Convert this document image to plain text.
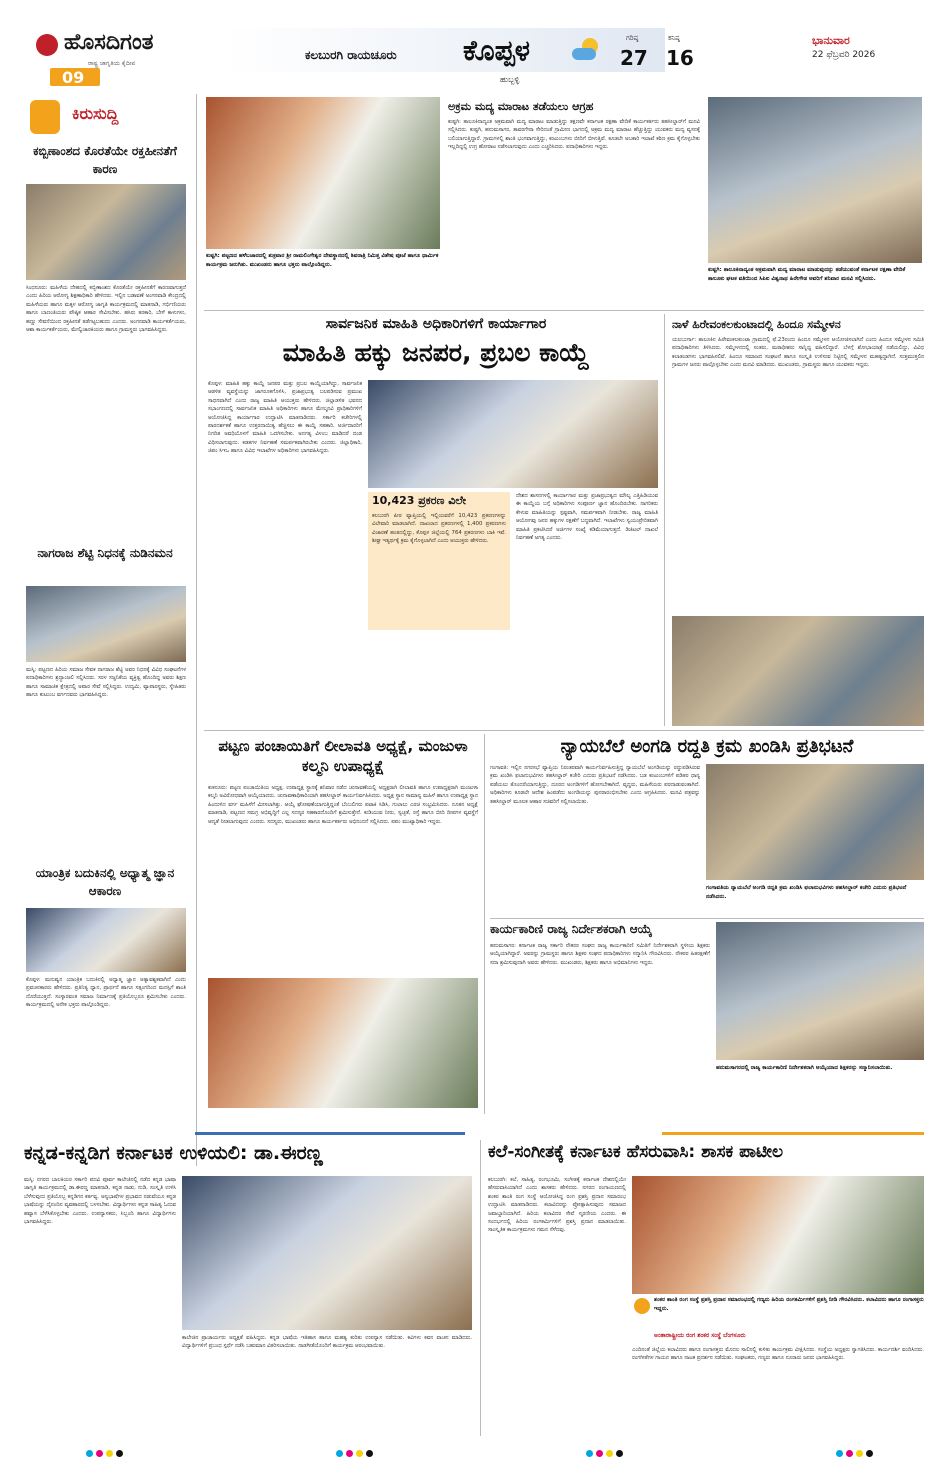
ಹೊಸದಿಗಂತ
ರಾಷ್ಟ್ರ ಜಾಗೃತಿಯ ಕೈದೀಪ
09
ಕಲಬುರಗಿ ರಾಯಚೂರು ಕೊಪ್ಪಳ	ಗರಿಷ್ಠ
27
ಕನಿಷ್ಠ
16
ಭಾನುವಾರ
22 ಫೆಬ್ರವರಿ 2026
ಹುಬ್ಬಳ್ಳಿ
ಕಿರುಸುದ್ದಿ
ಕಬ್ಬಿಣಾಂಶದ ಕೊರತೆಯೇ ರಕ್ತಹೀನತೆಗೆ ಕಾರಣ
ಸಿಂಧನೂರು: ಮಹಿಳೆಯ ದೇಹದಲ್ಲಿ ಕಬ್ಬಿಣಾಂಶದ ಕೊರತೆಯೇ ರಕ್ತಹೀನತೆಗೆ ಕಾರಣವಾಗುತ್ತದೆ ಎಂದು ಹಿರಿಯ ಆರೋಗ್ಯ ಶಿಕ್ಷಣಾಧಿಕಾರಿ ಹೇಳಿದರು. ಇಲ್ಲಿನ ಬಡಾವಣೆ ಅಂಗನವಾಡಿ ಕೇಂದ್ರದಲ್ಲಿ ಮಹಿಳೆಯರು ಹಾಗೂ ಮಕ್ಕಳ ಆರೋಗ್ಯ ಜಾಗೃತಿ ಕಾರ್ಯಕ್ರಮದಲ್ಲಿ ಮಾತನಾಡಿ, ಗರ್ಭಿಣಿಯರು ಹಾಗೂ ಬಾಣಂತಿಯರು ಪೌಷ್ಠಿಕ ಆಹಾರ ಸೇವಿಸಬೇಕು. ಹಸಿರು ತರಕಾರಿ, ಬೇಳೆ ಕಾಳುಗಳು, ಹಣ್ಣು ಸೇವನೆಯಿಂದ ರಕ್ತಹೀನತೆ ತಡೆಗಟ್ಟಬಹುದು ಎಂದರು. ಅಂಗನವಾಡಿ ಕಾರ್ಯಕರ್ತೆಯರು, ಆಶಾ ಕಾರ್ಯಕರ್ತೆಯರು, ಮೇಲ್ವಿಚಾರಕಿಯರು ಹಾಗೂ ಗ್ರಾಮಸ್ಥರು ಭಾಗವಹಿಸಿದ್ದರು.
ನಾಗರಾಜ ಶೆಟ್ಟಿ ನಿಧನಕ್ಕೆ ನುಡಿನಮನ
ಮಸ್ಕಿ: ಪಟ್ಟಣದ ಹಿರಿಯ ಸಮಾಜ ಸೇವಕ ನಾಗರಾಜ ಶೆಟ್ಟಿ ಅವರ ನಿಧನಕ್ಕೆ ವಿವಿಧ ಸಂಘಟನೆಗಳ ಪದಾಧಿಕಾರಿಗಳು ಶ್ರದ್ಧಾಂಜಲಿ ಸಲ್ಲಿಸಿದರು. ಸರಳ ಸಜ್ಜನಿಕೆಯ ವ್ಯಕ್ತಿತ್ವ ಹೊಂದಿದ್ದ ಅವರು ಶಿಕ್ಷಣ ಹಾಗೂ ಸಾಮಾಜಿಕ ಕ್ಷೇತ್ರದಲ್ಲಿ ಅಪಾರ ಸೇವೆ ಸಲ್ಲಿಸಿದ್ದರು. ಉದ್ಯಮಿ, ವ್ಯಾಪಾರಸ್ಥರು, ಸ್ನೇಹಿತರು ಹಾಗೂ ಕುಟುಂಬ ವರ್ಗದವರು ಭಾಗವಹಿಸಿದ್ದರು.
ಯಾಂತ್ರಿಕ ಬದುಕಿನಲ್ಲಿ ಅಧ್ಯಾತ್ಮ ಜ್ಞಾನ ಆಕಾರಣ
ಕೊಪ್ಪಳ: ಮನುಷ್ಯನ ಯಾಂತ್ರಿಕ ಬದುಕಿನಲ್ಲಿ ಅಧ್ಯಾತ್ಮ ಜ್ಞಾನ ಅತ್ಯಾವಶ್ಯಕವಾಗಿದೆ ಎಂದು ಪ್ರವಚನಕಾರರು ಹೇಳಿದರು. ಪ್ರತಿನಿತ್ಯ ಧ್ಯಾನ, ಪ್ರಾರ್ಥನೆ ಹಾಗೂ ಸತ್ಸಂಗದಿಂದ ಮನಸ್ಸಿಗೆ ಶಾಂತಿ ದೊರೆಯುತ್ತದೆ. ಸಂಸ್ಕಾರವಂತ ಸಮಾಜ ನಿರ್ಮಾಣಕ್ಕೆ ಪ್ರತಿಯೊಬ್ಬರೂ ಶ್ರಮಿಸಬೇಕು ಎಂದರು. ಕಾರ್ಯಕ್ರಮದಲ್ಲಿ ಅನೇಕ ಭಕ್ತರು ಪಾಲ್ಗೊಂಡಿದ್ದರು.
ಕುಷ್ಟಗಿ: ಪಟ್ಟಣದ ಹಳೆಬಜಾರದಲ್ಲಿ ಶುಕ್ರವಾರ ಶ್ರೀ ರಾಮಲಿಂಗೇಶ್ವರ ದೇವಸ್ಥಾನದಲ್ಲಿ ಶಿವರಾತ್ರಿ ನಿಮಿತ್ತ ವಿಶೇಷ ಪೂಜೆ ಹಾಗೂ ಧಾರ್ಮಿಕ ಕಾರ್ಯಕ್ರಮ ಜರುಗಿತು. ಮುಖಂಡರು ಹಾಗೂ ಭಕ್ತರು ಪಾಲ್ಗೊಂಡಿದ್ದರು.
ಅಕ್ರಮ ಮದ್ಯ ಮಾರಾಟ ತಡೆಯಲು ಆಗ್ರಹ
ಕುಷ್ಟಗಿ: ತಾಲೂಕಿನಾದ್ಯಂತ ಅಕ್ರಮವಾಗಿ ಮದ್ಯ ಮಾರಾಟ ಮಾಡುತ್ತಿದ್ದು ತಕ್ಷಣವೇ ಕರ್ನಾಟಕ ರಕ್ಷಣಾ ವೇದಿಕೆ ಕಾರ್ಯಕರ್ತರು ತಹಸೀಲ್ದಾರ್‌ಗೆ ಮನವಿ ಸಲ್ಲಿಸಿದರು. ಕುಷ್ಟಗಿ, ಹನುಮಸಾಗರ, ತಾವರಗೇರಾ ಸೇರಿದಂತೆ ಗ್ರಾಮೀಣ ಭಾಗದಲ್ಲಿ ಅಕ್ರಮ ಮದ್ಯ ಮಾರಾಟ ಹೆಚ್ಚುತ್ತಿದ್ದು ಯುವಕರು ಮದ್ಯ ವ್ಯಸನಕ್ಕೆ ಬಲಿಯಾಗುತ್ತಿದ್ದಾರೆ. ಗ್ರಾಮಗಳಲ್ಲಿ ಶಾಂತಿ ಭಂಗವಾಗುತ್ತಿದ್ದು, ಕುಟುಂಬಗಳು ಬೀದಿಗೆ ಬೀಳುತ್ತಿವೆ. ಕೂಡಲೇ ಅಬಕಾರಿ ಇಲಾಖೆ ಕಠಿಣ ಕ್ರಮ ಕೈಗೊಳ್ಳಬೇಕು ಇಲ್ಲದಿದ್ದಲ್ಲಿ ಉಗ್ರ ಹೋರಾಟ ನಡೆಸಲಾಗುವುದು ಎಂದು ಎಚ್ಚರಿಸಿದರು. ಪದಾಧಿಕಾರಿಗಳು ಇದ್ದರು.
ಕುಷ್ಟಗಿ: ತಾಲೂಕಿನಾದ್ಯಂತ ಅಕ್ರಮವಾಗಿ ಮದ್ಯ ಮಾರಾಟ ಮಾಡುವುದನ್ನು ತಡೆಯುವಂತೆ ಕರ್ನಾಟಕ ರಕ್ಷಣಾ ವೇದಿಕೆ ತಾಲೂಕು ಘಟಕ ವತಿಯಿಂದ ಸಿಪಿಐ ವಿಶ್ವನಾಥ ಹಿರೇಗೌಡ ಅವರಿಗೆ ಶನಿವಾರ ಮನವಿ ಸಲ್ಲಿಸಿದರು.
ಸಾರ್ವಜನಿಕ ಮಾಹಿತಿ ಅಧಿಕಾರಿಗಳಿಗೆ ಕಾರ್ಯಾಗಾರ
ಮಾಹಿತಿ ಹಕ್ಕು ಜನಪರ, ಪ್ರಬಲ ಕಾಯ್ದೆ
ಕೊಪ್ಪಳ: ಮಾಹಿತಿ ಹಕ್ಕು ಕಾಯ್ದೆ ಜನಪರ ಮತ್ತು ಪ್ರಬಲ ಕಾಯ್ದೆಯಾಗಿದ್ದು, ಸಾರ್ವಜನಿಕ ಆಡಳಿತ ವ್ಯವಸ್ಥೆಯನ್ನು ಜಾಗರೂಕಗೊಳಿಸಿ, ಪ್ರಜಾಪ್ರಭುತ್ವ ಬಲಪಡಿಸುವ ಪ್ರಮುಖ ಸಾಧನವಾಗಿದೆ ಎಂದು ರಾಜ್ಯ ಮಾಹಿತಿ ಆಯುಕ್ತರು ಹೇಳಿದರು. ಜಿಲ್ಲಾಡಳಿತ ಭವನದ ಸಭಾಂಗಣದಲ್ಲಿ ಸಾರ್ವಜನಿಕ ಮಾಹಿತಿ ಅಧಿಕಾರಿಗಳು ಹಾಗೂ ಮೇಲ್ಮನವಿ ಪ್ರಾಧಿಕಾರಿಗಳಿಗೆ ಆಯೋಜಿಸಿದ್ದ ಕಾರ್ಯಾಗಾರ ಉದ್ಘಾಟಿಸಿ ಮಾತನಾಡಿದರು. ಸರ್ಕಾರಿ ಕಚೇರಿಗಳಲ್ಲಿ ಪಾರದರ್ಶಕತೆ ಹಾಗೂ ಉತ್ತರದಾಯಿತ್ವ ಹೆಚ್ಚಿಸಲು ಈ ಕಾಯ್ದೆ ಸಹಕಾರಿ. ಅರ್ಜಿದಾರರಿಗೆ ನಿಗದಿತ ಅವಧಿಯೊಳಗೆ ಮಾಹಿತಿ ಒದಗಿಸಬೇಕು. ಅನಗತ್ಯ ವಿಳಂಬ ಮಾಡಿದರೆ ದಂಡ ವಿಧಿಸಲಾಗುವುದು. ಕಡತಗಳ ನಿರ್ವಹಣೆ ಸಮರ್ಪಕವಾಗಿರಬೇಕು ಎಂದರು. ಜಿಲ್ಲಾಧಿಕಾರಿ, ಜಿಪಂ ಸಿಇಒ ಹಾಗೂ ವಿವಿಧ ಇಲಾಖೆಗಳ ಅಧಿಕಾರಿಗಳು ಭಾಗವಹಿಸಿದ್ದರು.
10,423 ಪ್ರಕರಣ ವಿಲೇ
ಕಲಬುರಗಿ ಪೀಠ ವ್ಯಾಪ್ತಿಯಲ್ಲಿ ಇಲ್ಲಿಯವರೆಗೆ 10,423 ಪ್ರಕರಣಗಳನ್ನು ವಿಲೇವಾರಿ ಮಾಡಲಾಗಿದೆ. ದಾಖಲಾದ ಪ್ರಕರಣಗಳಲ್ಲಿ 1,400 ಪ್ರಕರಣಗಳು ವಿಚಾರಣೆ ಹಂತದಲ್ಲಿದ್ದು, ಕೊಪ್ಪಳ ಜಿಲ್ಲೆಯಲ್ಲಿ 764 ಪ್ರಕರಣಗಳು ಬಾಕಿ ಇವೆ. ಶೀಘ್ರ ಇತ್ಯರ್ಥಕ್ಕೆ ಕ್ರಮ ಕೈಗೊಳ್ಳಲಾಗಿದೆ ಎಂದು ಆಯುಕ್ತರು ಹೇಳಿದರು.
ದೇಶದ ಶಾಸನಗಳಲ್ಲಿ ಕಾರ್ಯಾಗಾರ ಮತ್ತು ಪ್ರಜಾಪ್ರಭುತ್ವದ ಮೌಲ್ಯ ಎತ್ತಿಹಿಡಿಯುವ ಈ ಕಾಯ್ದೆಯ ಬಗ್ಗೆ ಅಧಿಕಾರಿಗಳು ಸಂಪೂರ್ಣ ಜ್ಞಾನ ಹೊಂದಿರಬೇಕು. ನಾಗರಿಕರು ಕೇಳುವ ಮಾಹಿತಿಯನ್ನು ಸ್ಪಷ್ಟವಾಗಿ, ಸಮರ್ಪಕವಾಗಿ ನೀಡಬೇಕು. ರಾಜ್ಯ ಮಾಹಿತಿ ಆಯೋಗವು ಜನರ ಹಕ್ಕುಗಳ ರಕ್ಷಣೆಗೆ ಬದ್ಧವಾಗಿದೆ. ಇಲಾಖೆಗಳು ಸ್ವಯಂಪ್ರೇರಿತವಾಗಿ ಮಾಹಿತಿ ಪ್ರಕಟಿಸಿದರೆ ಅರ್ಜಿಗಳ ಸಂಖ್ಯೆ ಕಡಿಮೆಯಾಗುತ್ತದೆ. ಡಿಜಿಟಲ್ ದಾಖಲೆ ನಿರ್ವಹಣೆ ಅಗತ್ಯ ಎಂದರು.
ನಾಳೆ ಹಿರೇವಂಕಲಕುಂಟಾದಲ್ಲಿ ಹಿಂದೂ ಸಮ್ಮೇಳನ
ಯಲಬುರ್ಗಾ: ತಾಲೂಕಿನ ಹಿರೇವಂಕಲಕುಂಟಾ ಗ್ರಾಮದಲ್ಲಿ ಫೆ.23ರಂದು ಹಿಂದೂ ಸಮ್ಮೇಳನ ಆಯೋಜಿಸಲಾಗಿದೆ ಎಂದು ಹಿಂದೂ ಸಮ್ಮೇಳನ ಸಮಿತಿ ಪದಾಧಿಕಾರಿಗಳು ತಿಳಿಸಿದರು. ಸಮ್ಮೇಳನದಲ್ಲಿ ಸಂತರು, ಮಠಾಧೀಶರು ಸಾನ್ನಿಧ್ಯ ವಹಿಸಲಿದ್ದಾರೆ. ಬೆಳಗ್ಗೆ ಶೋಭಾಯಾತ್ರೆ ನಡೆಯಲಿದ್ದು, ವಿವಿಧ ಕಲಾತಂಡಗಳು ಭಾಗವಹಿಸಲಿವೆ. ಹಿಂದೂ ಸಮಾಜದ ಸಂಘಟನೆ ಹಾಗೂ ಸಂಸ್ಕೃತಿ ಉಳಿಸುವ ನಿಟ್ಟಿನಲ್ಲಿ ಸಮ್ಮೇಳನ ಮಹತ್ವದ್ದಾಗಿದೆ. ಸುತ್ತಮುತ್ತಲಿನ ಗ್ರಾಮಗಳ ಜನರು ಪಾಲ್ಗೊಳ್ಳಬೇಕು ಎಂದು ಮನವಿ ಮಾಡಿದರು. ಮುಖಂಡರು, ಗ್ರಾಮಸ್ಥರು ಹಾಗೂ ಯುವಕರು ಇದ್ದರು.
ಪಟ್ಟಣ ಪಂಚಾಯಿತಿಗೆ ಲೀಲಾವತಿ ಅಧ್ಯಕ್ಷೆ, ಮಂಜುಳಾ ಕಲ್ಮನಿ ಉಪಾಧ್ಯಕ್ಷೆ
ಕುಕನೂರು: ಪಟ್ಟಣ ಪಂಚಾಯಿತಿಯ ಅಧ್ಯಕ್ಷ, ಉಪಾಧ್ಯಕ್ಷ ಸ್ಥಾನಕ್ಕೆ ಶನಿವಾರ ನಡೆದ ಚುನಾವಣೆಯಲ್ಲಿ ಅಧ್ಯಕ್ಷರಾಗಿ ಲೀಲಾವತಿ ಹಾಗೂ ಉಪಾಧ್ಯಕ್ಷರಾಗಿ ಮಂಜುಳಾ ಕಲ್ಮನಿ ಅವಿರೋಧವಾಗಿ ಆಯ್ಕೆಯಾದರು. ಚುನಾವಣಾಧಿಕಾರಿಯಾಗಿ ತಹಸೀಲ್ದಾರ್ ಕಾರ್ಯನಿರ್ವಹಿಸಿದರು. ಅಧ್ಯಕ್ಷ ಸ್ಥಾನ ಸಾಮಾನ್ಯ ಮಹಿಳೆ ಹಾಗೂ ಉಪಾಧ್ಯಕ್ಷ ಸ್ಥಾನ ಹಿಂದುಳಿದ ವರ್ಗ ಮಹಿಳೆಗೆ ಮೀಸಲಾಗಿತ್ತು. ಆಯ್ಕೆ ಘೋಷಣೆಯಾಗುತ್ತಿದ್ದಂತೆ ಬೆಂಬಲಿಗರು ಪಟಾಕಿ ಸಿಡಿಸಿ, ಗುಲಾಲು ಎರಚಿ ಸಂಭ್ರಮಿಸಿದರು. ನೂತನ ಅಧ್ಯಕ್ಷೆ ಮಾತನಾಡಿ, ಪಟ್ಟಣದ ಸಮಗ್ರ ಅಭಿವೃದ್ಧಿಗೆ ಎಲ್ಲ ಸದಸ್ಯರ ಸಹಕಾರದೊಂದಿಗೆ ಶ್ರಮಿಸುತ್ತೇನೆ. ಕುಡಿಯುವ ನೀರು, ಸ್ವಚ್ಛತೆ, ರಸ್ತೆ ಹಾಗೂ ಬೀದಿ ದೀಪಗಳ ವ್ಯವಸ್ಥೆಗೆ ಆದ್ಯತೆ ನೀಡಲಾಗುವುದು ಎಂದರು. ಸದಸ್ಯರು, ಮುಖಂಡರು ಹಾಗೂ ಕಾರ್ಯಕರ್ತರು ಅಭಿನಂದನೆ ಸಲ್ಲಿಸಿದರು. ಪಪಂ ಮುಖ್ಯಾಧಿಕಾರಿ ಇದ್ದರು.
ನ್ಯಾಯಬೆಲೆ ಅಂಗಡಿ ರದ್ದತಿ ಕ್ರಮ ಖಂಡಿಸಿ ಪ್ರತಿಭಟನೆ
ಗಂಗಾವತಿ: ಇಲ್ಲಿನ ನಗರಸಭೆ ವ್ಯಾಪ್ತಿಯ ನಿರಂತರವಾಗಿ ಕಾರ್ಯನಿರ್ವಹಿಸುತ್ತಿದ್ದ ನ್ಯಾಯಬೆಲೆ ಅಂಗಡಿಯನ್ನು ರದ್ದುಪಡಿಸಿರುವ ಕ್ರಮ ಖಂಡಿಸಿ ಫಲಾನುಭವಿಗಳು ತಹಸೀಲ್ದಾರ್ ಕಚೇರಿ ಎದುರು ಪ್ರತಿಭಟನೆ ನಡೆಸಿದರು. ಬಡ ಕುಟುಂಬಗಳಿಗೆ ಪಡಿತರ ಧಾನ್ಯ ಪಡೆಯಲು ತೊಂದರೆಯಾಗುತ್ತಿದ್ದು, ದೂರದ ಅಂಗಡಿಗಳಿಗೆ ಹೋಗಬೇಕಾಗಿದೆ. ವೃದ್ಧರು, ಮಹಿಳೆಯರು ಪರದಾಡುವಂತಾಗಿದೆ. ಅಧಿಕಾರಿಗಳು ಕೂಡಲೇ ಆದೇಶ ಹಿಂಪಡೆದು ಅಂಗಡಿಯನ್ನು ಪುನರಾರಂಭಿಸಬೇಕು ಎಂದು ಆಗ್ರಹಿಸಿದರು. ಮನವಿ ಪತ್ರವನ್ನು ತಹಸೀಲ್ದಾರ್ ಮೂಲಕ ಆಹಾರ ಸಚಿವರಿಗೆ ಸಲ್ಲಿಸಲಾಯಿತು.
ಗಂಗಾವತಿಯ ನ್ಯಾಯಬೆಲೆ ಅಂಗಡಿ ರದ್ದತಿ ಕ್ರಮ ಖಂಡಿಸಿ ಫಲಾನುಭವಿಗಳು ತಹಸೀಲ್ದಾರ್ ಕಚೇರಿ ಎದುರು ಪ್ರತಿಭಟನೆ ನಡೆಸಿದರು.
ಕಾರ್ಯಕಾರಿಣಿ ರಾಜ್ಯ ನಿರ್ದೇಶಕರಾಗಿ ಆಯ್ಕೆ
ಹನುಮಸಾಗರ: ಕರ್ನಾಟಕ ರಾಜ್ಯ ಸರ್ಕಾರಿ ನೌಕರರ ಸಂಘದ ರಾಜ್ಯ ಕಾರ್ಯಕಾರಿಣಿ ಸಮಿತಿಗೆ ನಿರ್ದೇಶಕರಾಗಿ ಸ್ಥಳೀಯ ಶಿಕ್ಷಕರು ಆಯ್ಕೆಯಾಗಿದ್ದಾರೆ. ಅವರನ್ನು ಗ್ರಾಮಸ್ಥರು ಹಾಗೂ ಶಿಕ್ಷಕರ ಸಂಘದ ಪದಾಧಿಕಾರಿಗಳು ಸನ್ಮಾನಿಸಿ ಗೌರವಿಸಿದರು. ನೌಕರರ ಹಿತರಕ್ಷಣೆಗೆ ಸದಾ ಶ್ರಮಿಸುವುದಾಗಿ ಅವರು ಹೇಳಿದರು. ಮುಖಂಡರು, ಶಿಕ್ಷಕರು ಹಾಗೂ ಅಭಿಮಾನಿಗಳು ಇದ್ದರು.
ಹನುಮಸಾಗರದಲ್ಲಿ ರಾಜ್ಯ ಕಾರ್ಯಕಾರಿಣಿ ನಿರ್ದೇಶಕರಾಗಿ ಆಯ್ಕೆಯಾದ ಶಿಕ್ಷಕರನ್ನು ಸನ್ಮಾನಿಸಲಾಯಿತು.
ಕನ್ನಡ-ಕನ್ನಡಿಗ ಕರ್ನಾಟಕ ಉಳಿಯಲಿ: ಡಾ.ಈರಣ್ಣ
ಮಸ್ಕಿ: ನಗರದ ಬಾಲಕಿಯರ ಸರ್ಕಾರಿ ಪದವಿ ಪೂರ್ವ ಕಾಲೇಜಿನಲ್ಲಿ ನಡೆದ ಕನ್ನಡ ಭಾಷಾ ಜಾಗೃತಿ ಕಾರ್ಯಕ್ರಮದಲ್ಲಿ ಡಾ.ಈರಣ್ಣ ಮಾತನಾಡಿ, ಕನ್ನಡ ನಾಡು, ನುಡಿ, ಸಂಸ್ಕೃತಿ ಉಳಿಸಿ ಬೆಳೆಸುವುದು ಪ್ರತಿಯೊಬ್ಬ ಕನ್ನಡಿಗನ ಕರ್ತವ್ಯ. ಅನ್ಯಭಾಷೆಗಳ ಪ್ರಭಾವದ ನಡುವೆಯೂ ಕನ್ನಡ ಭಾಷೆಯನ್ನು ದೈನಂದಿನ ವ್ಯವಹಾರದಲ್ಲಿ ಬಳಸಬೇಕು. ವಿದ್ಯಾರ್ಥಿಗಳು ಕನ್ನಡ ಸಾಹಿತ್ಯ ಓದುವ ಹವ್ಯಾಸ ಬೆಳೆಸಿಕೊಳ್ಳಬೇಕು ಎಂದರು. ಉಪನ್ಯಾಸಕರು, ಸಿಬ್ಬಂದಿ ಹಾಗೂ ವಿದ್ಯಾರ್ಥಿಗಳು ಭಾಗವಹಿಸಿದ್ದರು.
ಕಾಲೇಜಿನ ಪ್ರಾಚಾರ್ಯರು ಅಧ್ಯಕ್ಷತೆ ವಹಿಸಿದ್ದರು. ಕನ್ನಡ ಭಾಷೆಯ ಇತಿಹಾಸ ಹಾಗೂ ಮಹತ್ವ ಕುರಿತು ಉಪನ್ಯಾಸ ನಡೆಯಿತು. ಕವಿಗಳು ಕವನ ವಾಚನ ಮಾಡಿದರು. ವಿದ್ಯಾರ್ಥಿಗಳಿಗೆ ಪ್ರಬಂಧ ಸ್ಪರ್ಧೆ ನಡೆಸಿ ಬಹುಮಾನ ವಿತರಿಸಲಾಯಿತು. ನಾಡಗೀತೆಯೊಂದಿಗೆ ಕಾರ್ಯಕ್ರಮ ಆರಂಭವಾಯಿತು.
ಕಲೆ-ಸಂಗೀತಕ್ಕೆ ಕರ್ನಾಟಕ ಹೆಸರುವಾಸಿ: ಶಾಸಕ ಪಾಟೀಲ
ಕಲಬುರಗಿ: ಕಲೆ, ಸಾಹಿತ್ಯ, ರಂಗಭೂಮಿ, ಸಂಗೀತಕ್ಕೆ ಕರ್ನಾಟಕ ದೇಶದಲ್ಲಿಯೇ ಹೆಸರುವಾಸಿಯಾಗಿದೆ ಎಂದು ಶಾಸಕರು ಹೇಳಿದರು. ನಗರದ ರಂಗಾಯಣದಲ್ಲಿ ಶಂಕರ ಶಾಂತಿ ರಂಗ ಸಂಸ್ಥೆ ಆಯೋಜಿಸಿದ್ದ ರಂಗ ಪ್ರಶಸ್ತಿ ಪ್ರದಾನ ಸಮಾರಂಭ ಉದ್ಘಾಟಿಸಿ ಮಾತನಾಡಿದರು. ಕಲಾವಿದರನ್ನು ಪ್ರೋತ್ಸಾಹಿಸುವುದು ಸಮಾಜದ ಜವಾಬ್ದಾರಿಯಾಗಿದೆ. ಹಿರಿಯ ಕಲಾವಿದರ ಸೇವೆ ಸ್ಮರಣೀಯ ಎಂದರು. ಈ ಸಂದರ್ಭದಲ್ಲಿ ಹಿರಿಯ ರಂಗಕರ್ಮಿಗಳಿಗೆ ಪ್ರಶಸ್ತಿ ಪ್ರದಾನ ಮಾಡಲಾಯಿತು. ಸಾಂಸ್ಕೃತಿಕ ಕಾರ್ಯಕ್ರಮಗಳು ಗಮನ ಸೆಳೆದವು.
ಶಂಕರ ಶಾಂತಿ ರಂಗ ಸಂಸ್ಥೆ ಪ್ರಶಸ್ತಿ ಪ್ರದಾನ ಸಮಾರಂಭದಲ್ಲಿ ಗಣ್ಯರು ಹಿರಿಯ ರಂಗಕರ್ಮಿಗಳಿಗೆ ಪ್ರಶಸ್ತಿ ನೀಡಿ ಗೌರವಿಸಿದರು. ಕಲಾವಿದರು ಹಾಗೂ ರಂಗಾಸಕ್ತರು ಇದ್ದರು.
ಅಂತಾರಾಷ್ಟ್ರೀಯ ರಂಗ ಶಂಕರ ಸಂಸ್ಥೆ ಬೆಂಗಳೂರು
ಎಂದಿನಂತೆ ಜಿಲ್ಲೆಯ ಕಲಾವಿದರು ಹಾಗೂ ರಂಗಾಸಕ್ತರು ಮೊದಲ ಸಾಲಿನಲ್ಲಿ ಕುಳಿತು ಕಾರ್ಯಕ್ರಮ ವೀಕ್ಷಿಸಿದರು. ಸಂಸ್ಥೆಯ ಅಧ್ಯಕ್ಷರು ಸ್ವಾಗತಿಸಿದರು. ಕಾರ್ಯದರ್ಶಿ ವಂದಿಸಿದರು. ರಂಗಗೀತೆಗಳ ಗಾಯನ ಹಾಗೂ ನಾಟಕ ಪ್ರದರ್ಶನ ನಡೆಯಿತು. ಸಂಘಟಕರು, ಗಣ್ಯರು ಹಾಗೂ ನೂರಾರು ಜನರು ಭಾಗವಹಿಸಿದ್ದರು.
